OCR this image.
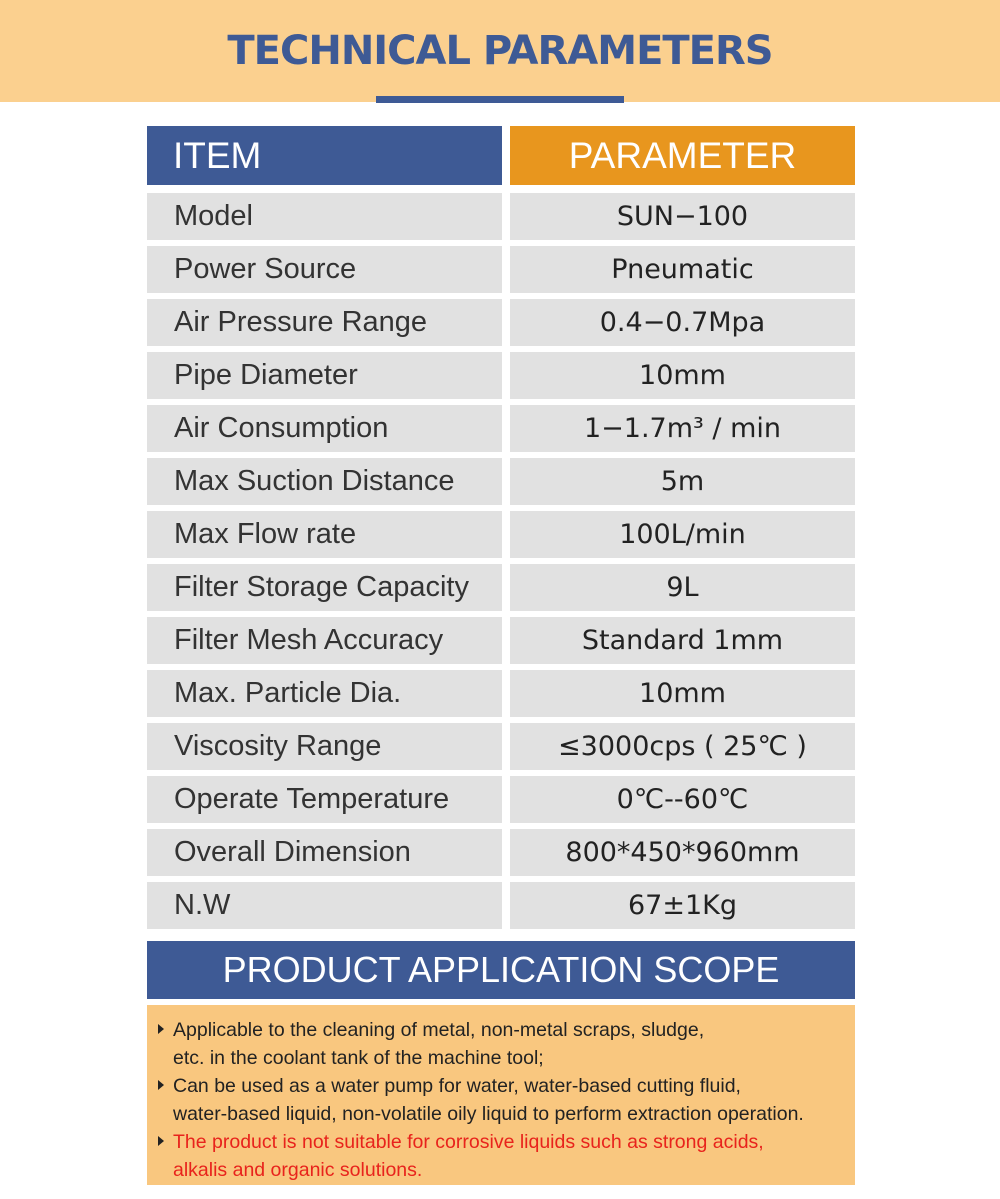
TECHNICAL PARAMETERS
ITEM	PARAMETER
Model	SUN−100
Power Source	Pneumatic
Air Pressure Range	0.4−0.7Mpa
Pipe Diameter	10mm
Air Consumption	1−1.7m³ / min
Max Suction Distance	5m
Max Flow rate	100L/min
Filter Storage Capacity	9L
Filter Mesh Accuracy	Standard 1mm
Max. Particle Dia.	10mm
Viscosity Range	≤3000cps ( 25℃ )
Operate Temperature	0℃--60℃
Overall Dimension	800*450*960mm
N.W	67±1Kg
PRODUCT APPLICATION SCOPE
Applicable to the cleaning of metal, non-metal scraps, sludge,
etc. in the coolant tank of the machine tool;
Can be used as a water pump for water, water-based cutting fluid,
water-based liquid, non-volatile oily liquid to perform extraction operation.
The product is not suitable for corrosive liquids such as strong acids,
alkalis and organic solutions.
